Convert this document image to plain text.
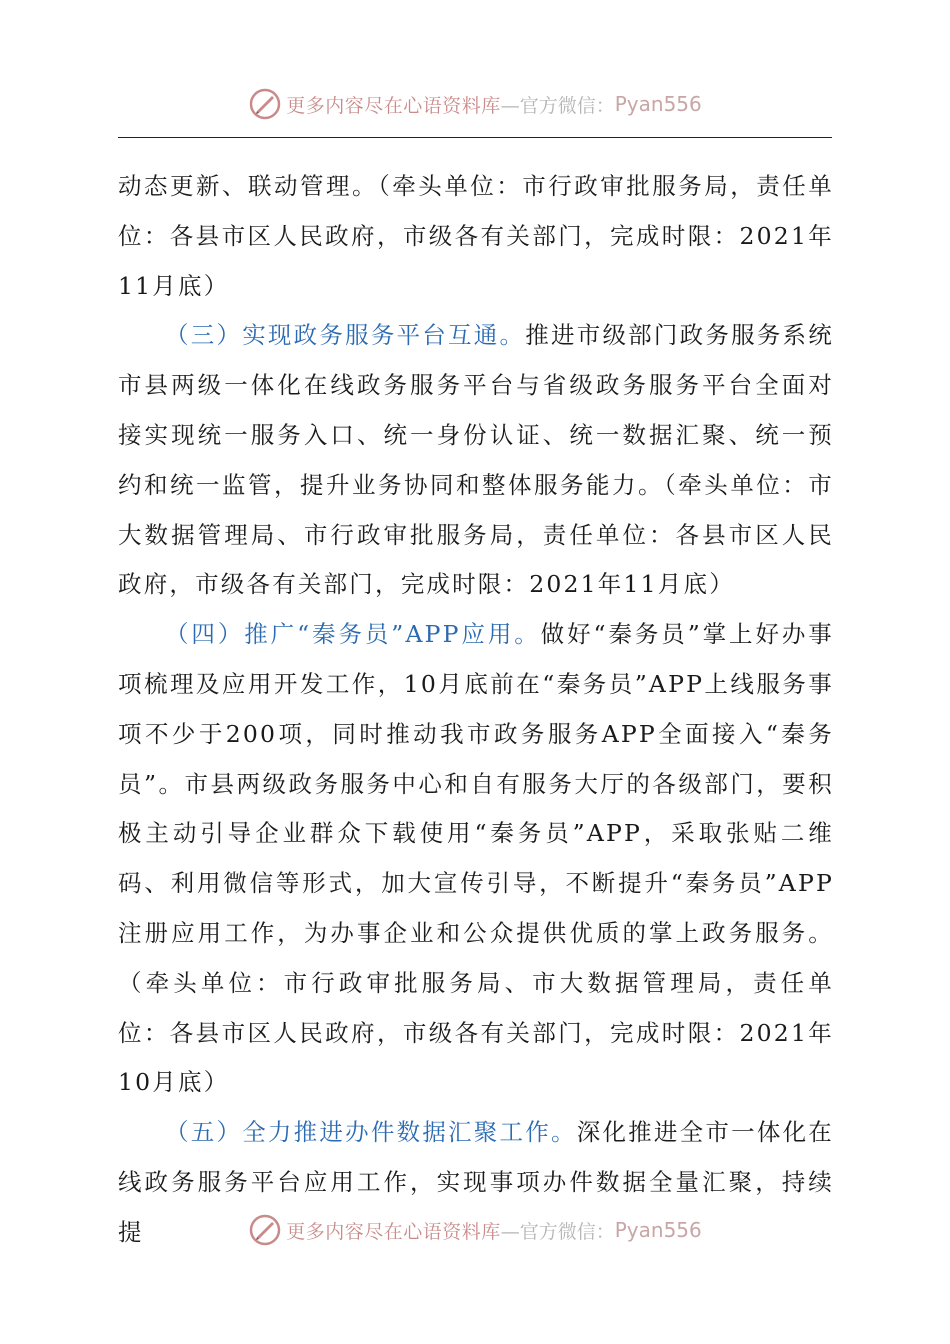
更多内容尽在心语资料库 —官方微信： Pyan556

动态更新、联动管理。（牵头单位：市行政审批服务局，责任单位：各县市区人民政府，市级各有关部门，完成时限：2021年11月底）

（三）实现政务服务平台互通。推进市级部门政务服务系统市县两级一体化在线政务服务平台与省级政务服务平台全面对接实现统一服务入口、统一身份认证、统一数据汇聚、统一预约和统一监管，提升业务协同和整体服务能力。（牵头单位：市大数据管理局、市行政审批服务局，责任单位：各县市区人民政府，市级各有关部门，完成时限：2021年11月底）

（四）推广“秦务员”APP应用。做好“秦务员”掌上好办事项梳理及应用开发工作，10月底前在“秦务员”APP上线服务事项不少于200项，同时推动我市政务服务APP全面接入“秦务员”。市县两级政务服务中心和自有服务大厅的各级部门，要积极主动引导企业群众下载使用“秦务员”APP，采取张贴二维码、利用微信等形式，加大宣传引导，不断提升“秦务员”APP注册应用工作，为办事企业和公众提供优质的掌上政务服务。（牵头单位：市行政审批服务局、市大数据管理局，责任单位：各县市区人民政府，市级各有关部门，完成时限：2021年10月底）

（五）全力推进办件数据汇聚工作。深化推进全市一体化在线政务服务平台应用工作，实现事项办件数据全量汇聚，持续提	更多内容尽在心语资料库 —官方微信： Pyan556
